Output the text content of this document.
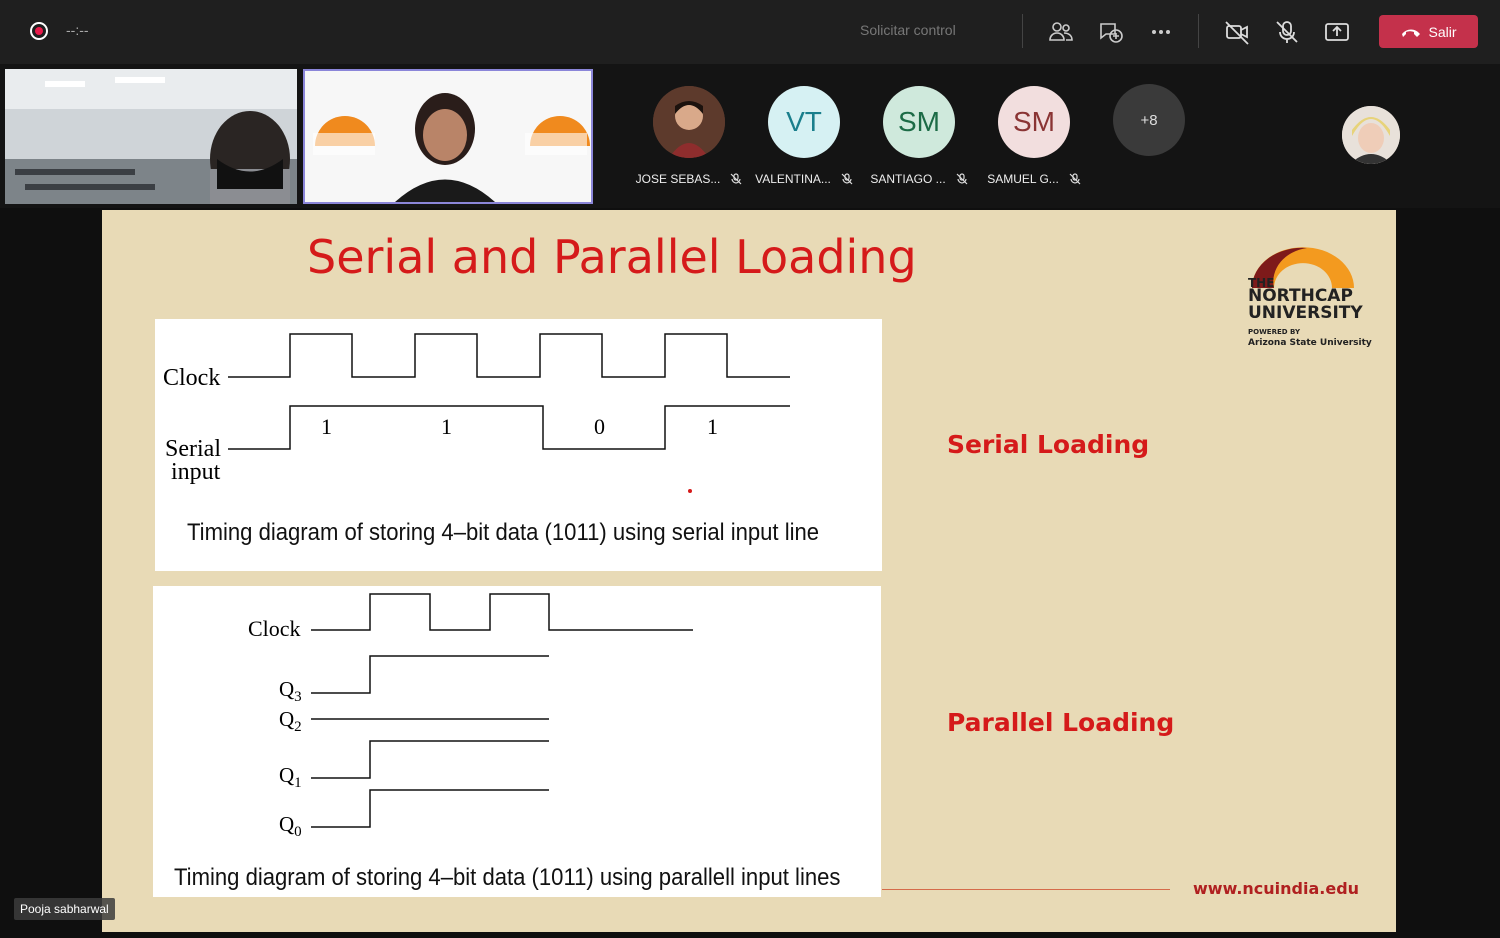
--:--	Solicitar control	Salir
JOSE SEBAS...
VT
VALENTINA...
SM
SANTIAGO ...
SM
SAMUEL G...
+8
Serial and Parallel Loading	THE
NORTHCAP
UNIVERSITY
POWERED BY
Arizona State University
Clock
Serial
input
1	1	0	1
Timing diagram of storing 4–bit data (1011) using serial input line
Clock
$Q_3$
$Q_2$
$Q_1$
$Q_0$
Timing diagram of storing 4–bit data (1011) using parallell input lines
Serial Loading
Parallel Loading
www.ncuindia.edu
Pooja sabharwal
